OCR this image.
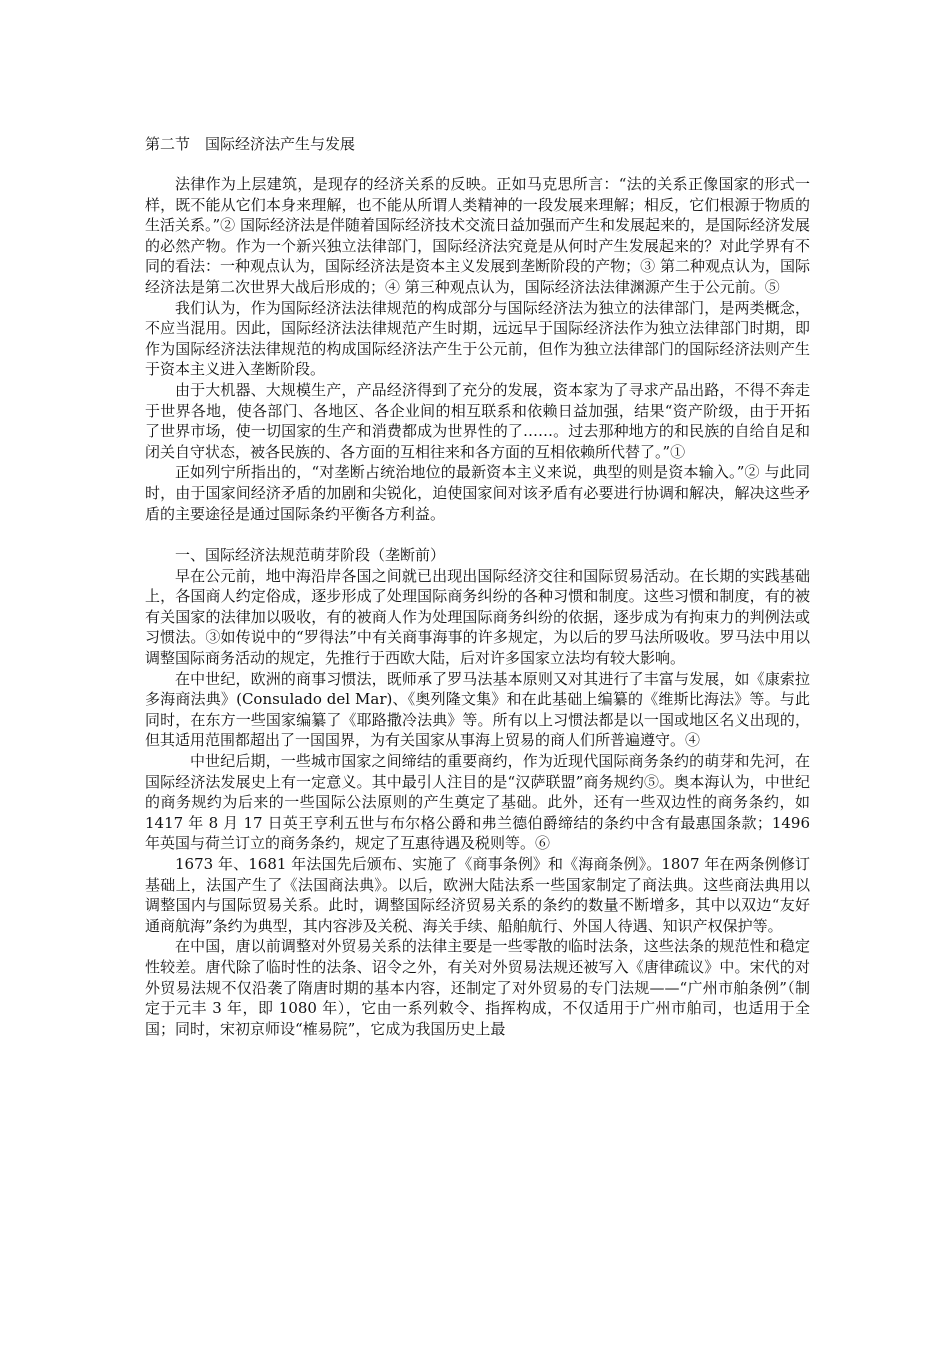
第二节　国际经济法产生与发展

法律作为上层建筑，是现存的经济关系的反映。正如马克思所言：“法的关系正像国家的形式一样，既不能从它们本身来理解，也不能从所谓人类精神的一段发展来理解；相反，它们根源于物质的生活关系。”② 国际经济法是伴随着国际经济技术交流日益加强而产生和发展起来的，是国际经济发展的必然产物。作为一个新兴独立法律部门，国际经济法究竟是从何时产生发展起来的？对此学界有不同的看法：一种观点认为，国际经济法是资本主义发展到垄断阶段的产物；③ 第二种观点认为，国际经济法是第二次世界大战后形成的；④ 第三种观点认为，国际经济法法律渊源产生于公元前。⑤

我们认为，作为国际经济法法律规范的构成部分与国际经济法为独立的法律部门，是两类概念，不应当混用。因此，国际经济法法律规范产生时期，远远早于国际经济法作为独立法律部门时期，即作为国际经济法法律规范的构成国际经济法产生于公元前，但作为独立法律部门的国际经济法则产生于资本主义进入垄断阶段。

由于大机器、大规模生产，产品经济得到了充分的发展，资本家为了寻求产品出路，不得不奔走于世界各地，使各部门、各地区、各企业间的相互联系和依赖日益加强，结果“资产阶级，由于开拓了世界市场，使一切国家的生产和消费都成为世界性的了……。过去那种地方的和民族的自给自足和闭关自守状态，被各民族的、各方面的互相往来和各方面的互相依赖所代替了。”①

正如列宁所指出的，“对垄断占统治地位的最新资本主义来说，典型的则是资本输入。”② 与此同时，由于国家间经济矛盾的加剧和尖锐化，迫使国家间对该矛盾有必要进行协调和解决，解决这些矛盾的主要途径是通过国际条约平衡各方利益。

一、国际经济法规范萌芽阶段（垄断前）

早在公元前，地中海沿岸各国之间就已出现出国际经济交往和国际贸易活动。在长期的实践基础上，各国商人约定俗成，逐步形成了处理国际商务纠纷的各种习惯和制度。这些习惯和制度，有的被有关国家的法律加以吸收，有的被商人作为处理国际商务纠纷的依据，逐步成为有拘束力的判例法或习惯法。③如传说中的“罗得法”中有关商事海事的许多规定，为以后的罗马法所吸收。罗马法中用以调整国际商务活动的规定，先推行于西欧大陆，后对许多国家立法均有较大影响。

在中世纪，欧洲的商事习惯法，既师承了罗马法基本原则又对其进行了丰富与发展，如《康索拉多海商法典》(Consulado del Mar)、《奥列隆文集》和在此基础上编纂的《维斯比海法》等。与此同时，在东方一些国家编纂了《耶路撒冷法典》等。所有以上习惯法都是以一国或地区名义出现的，但其适用范围都超出了一国国界，为有关国家从事海上贸易的商人们所普遍遵守。④

中世纪后期，一些城市国家之间缔结的重要商约，作为近现代国际商务条约的萌芽和先河，在国际经济法发展史上有一定意义。其中最引人注目的是“汉萨联盟”商务规约⑤。奥本海认为，中世纪的商务规约为后来的一些国际公法原则的产生奠定了基础。此外，还有一些双边性的商务条约，如 1417 年 8 月 17 日英王亨利五世与布尔格公爵和弗兰德伯爵缔结的条约中含有最惠国条款；1496 年英国与荷兰订立的商务条约，规定了互惠待遇及税则等。⑥

1673 年、1681 年法国先后颁布、实施了《商事条例》和《海商条例》。1807 年在两条例修订基础上，法国产生了《法国商法典》。以后，欧洲大陆法系一些国家制定了商法典。这些商法典用以调整国内与国际贸易关系。此时，调整国际经济贸易关系的条约的数量不断增多，其中以双边“友好通商航海”条约为典型，其内容涉及关税、海关手续、船舶航行、外国人待遇、知识产权保护等。

在中国，唐以前调整对外贸易关系的法律主要是一些零散的临时法条，这些法条的规范性和稳定性较差。唐代除了临时性的法条、诏令之外，有关对外贸易法规还被写入《唐律疏议》中。宋代的对外贸易法规不仅沿袭了隋唐时期的基本内容，还制定了对外贸易的专门法规——“广州市舶条例”（制定于元丰 3 年，即 1080 年），它由一系列敕令、指挥构成，不仅适用于广州市舶司，也适用于全国；同时，宋初京师设“榷易院”，它成为我国历史上最
